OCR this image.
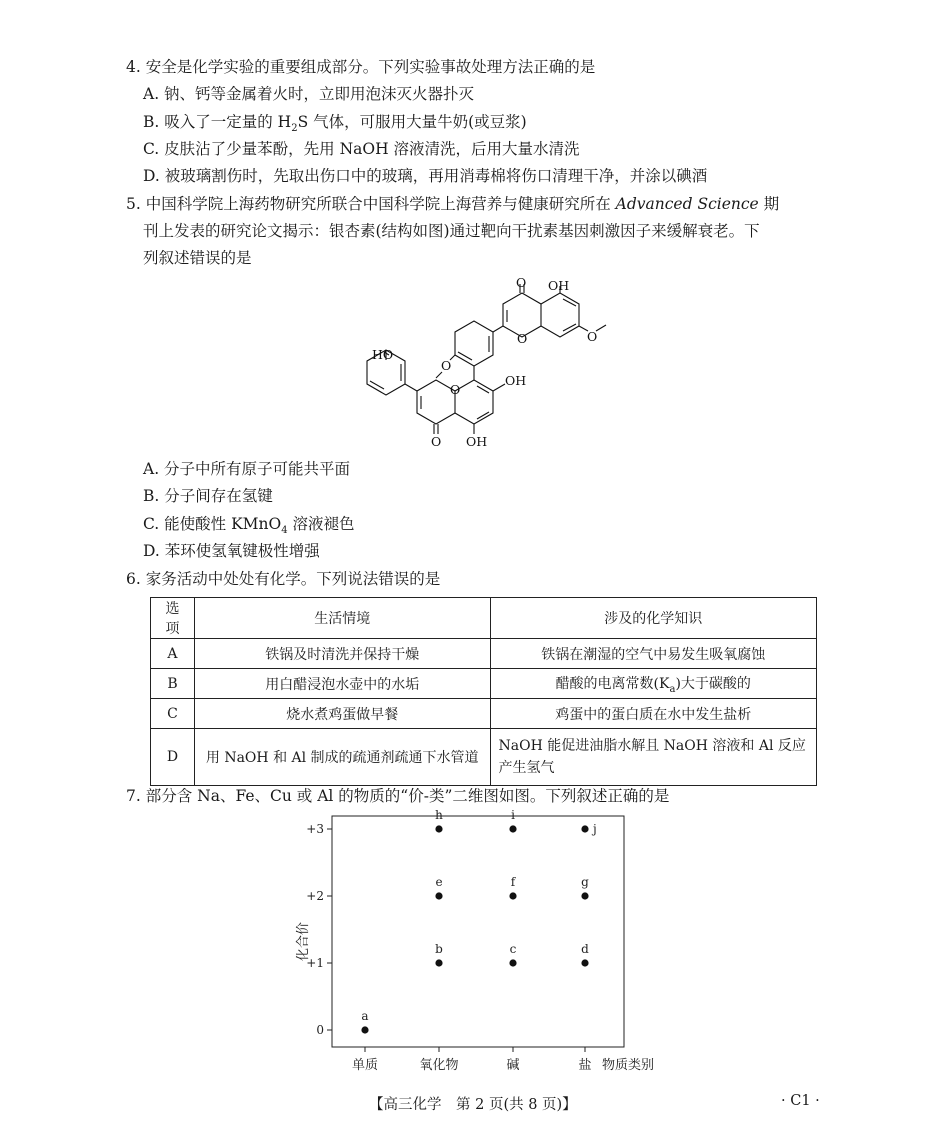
4. 安全是化学实验的重要组成部分。下列实验事故处理方法正确的是
A. 钠、钙等金属着火时，立即用泡沫灭火器扑灭
B. 吸入了一定量的 $H_2S$ 气体，可服用大量牛奶(或豆浆)
C. 皮肤沾了少量苯酚，先用 NaOH 溶液清洗，后用大量水清洗
D. 被玻璃割伤时，先取出伤口中的玻璃，再用消毒棉将伤口清理干净，并涂以碘酒
5. 中国科学院上海药物研究所联合中国科学院上海营养与健康研究所在 Advanced Science 期
刊上发表的研究论文揭示：银杏素(结构如图)通过靶向干扰素基因刺激因子来缓解衰老。下
列叙述错误的是
O OH
O	O
HO
O
O
OH
O OH
A. 分子中所有原子可能共平面
B. 分子间存在氢键
C. 能使酸性 KMnO$_4$ 溶液褪色
D. 苯环使氢氧键极性增强
6. 家务活动中处处有化学。下列说法错误的是
选项	生活情境	涉及的化学知识
A	铁锅及时清洗并保持干燥	铁锅在潮湿的空气中易发生吸氧腐蚀
B	用白醋浸泡水壶中的水垢	醋酸的电离常数$(K_a)$大于碳酸的
C	烧水煮鸡蛋做早餐	鸡蛋中的蛋白质在水中发生盐析
D	用 NaOH 和 Al 制成的疏通剂疏通下水管道	NaOH 能促进油脂水解且 NaOH 溶液和 Al 反应产生氢气
7. 部分含 Na、Fe、Cu 或 Al 的物质的“价-类”二维图如图。下列叙述正确的是
0
+1
+2
+3
单质	氧化物	碱	盐 物质类别
化合价
a
b	c	d
e	f	g
h	i
j
【高三化学　第 2 页(共 8 页)】	· C1 ·
